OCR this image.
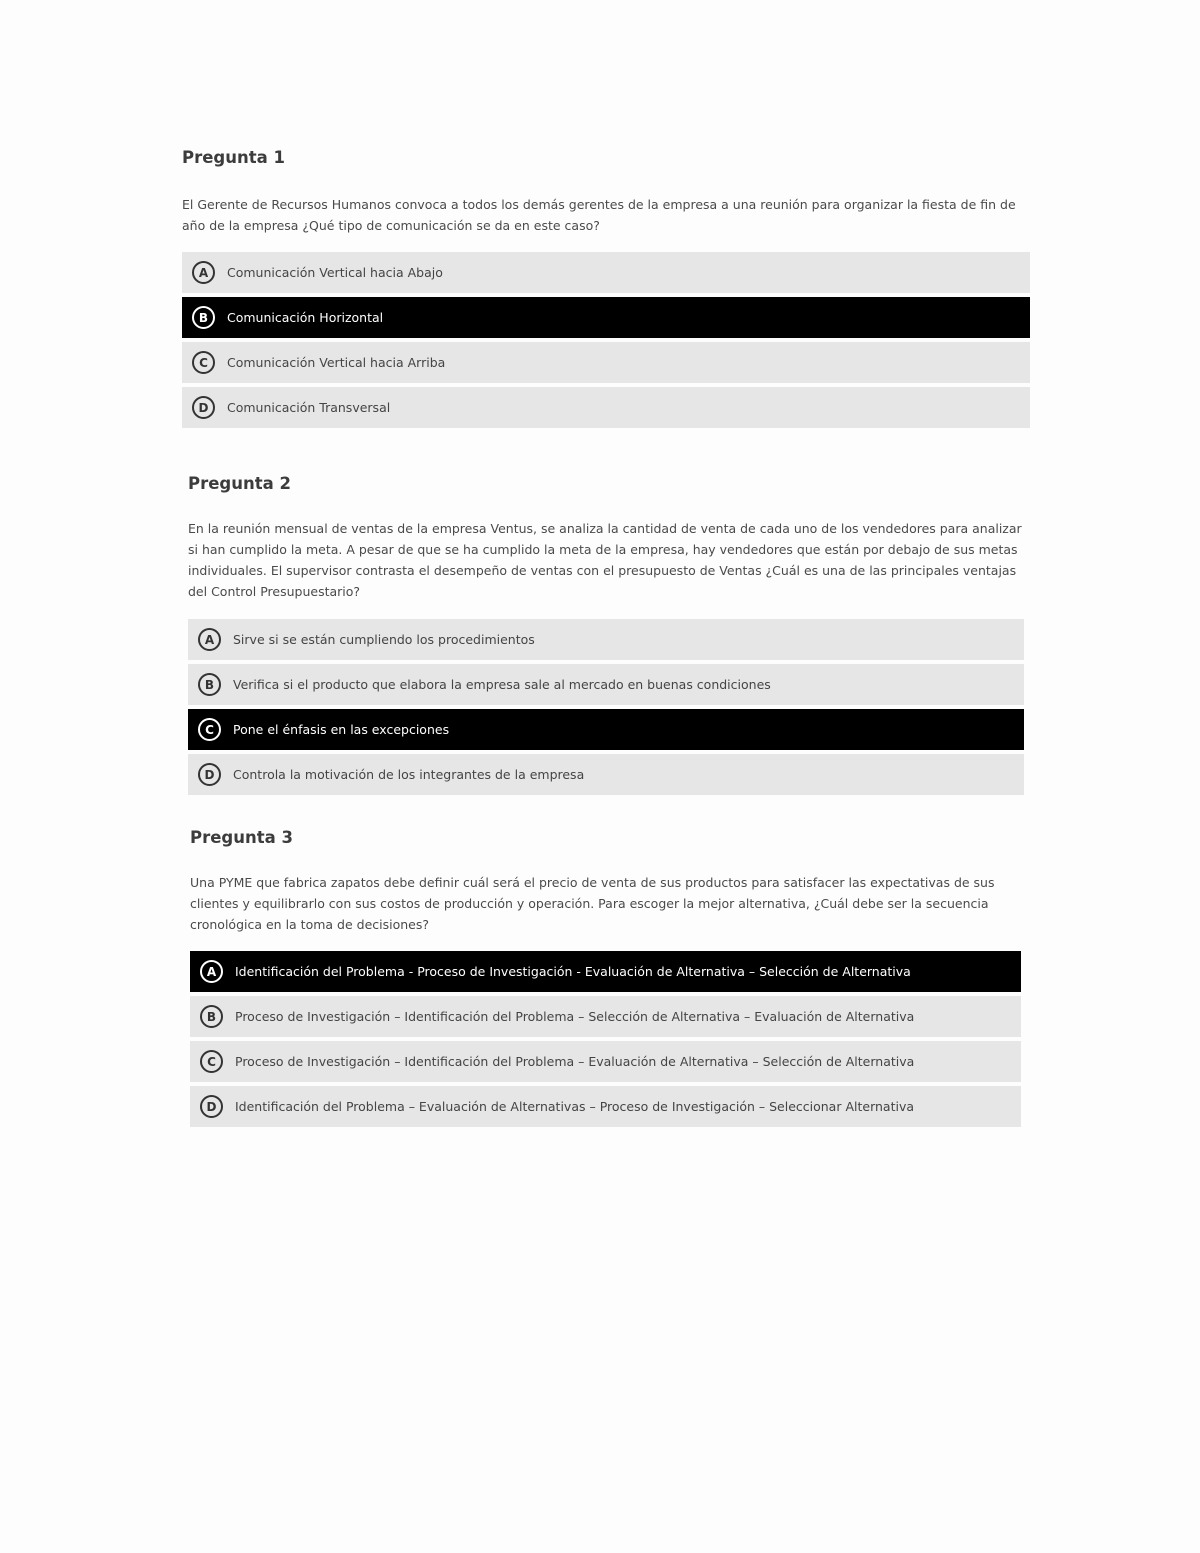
Pregunta 1

El Gerente de Recursos Humanos convoca a todos los demás gerentes de la empresa a una reunión para organizar la fiesta de fin de año de la empresa ¿Qué tipo de comunicación se da en este caso?

A	Comunicación Vertical hacia Abajo
B	Comunicación Horizontal
C	Comunicación Vertical hacia Arriba
D	Comunicación Transversal
Pregunta 2

En la reunión mensual de ventas de la empresa Ventus, se analiza la cantidad de venta de cada uno de los vendedores para analizar si han cumplido la meta. A pesar de que se ha cumplido la meta de la empresa, hay vendedores que están por debajo de sus metas individuales. El supervisor contrasta el desempeño de ventas con el presupuesto de Ventas ¿Cuál es una de las principales ventajas del Control Presupuestario?

A	Sirve si se están cumpliendo los procedimientos
B	Verifica si el producto que elabora la empresa sale al mercado en buenas condiciones
C	Pone el énfasis en las excepciones
D	Controla la motivación de los integrantes de la empresa
Pregunta 3

Una PYME que fabrica zapatos debe definir cuál será el precio de venta de sus productos para satisfacer las expectativas de sus clientes y equilibrarlo con sus costos de producción y operación. Para escoger la mejor alternativa, ¿Cuál debe ser la secuencia cronológica en la toma de decisiones?

A	Identificación del Problema - Proceso de Investigación - Evaluación de Alternativa – Selección de Alternativa
B	Proceso de Investigación – Identificación del Problema – Selección de Alternativa – Evaluación de Alternativa
C	Proceso de Investigación – Identificación del Problema – Evaluación de Alternativa – Selección de Alternativa
D	Identificación del Problema – Evaluación de Alternativas – Proceso de Investigación – Seleccionar Alternativa
